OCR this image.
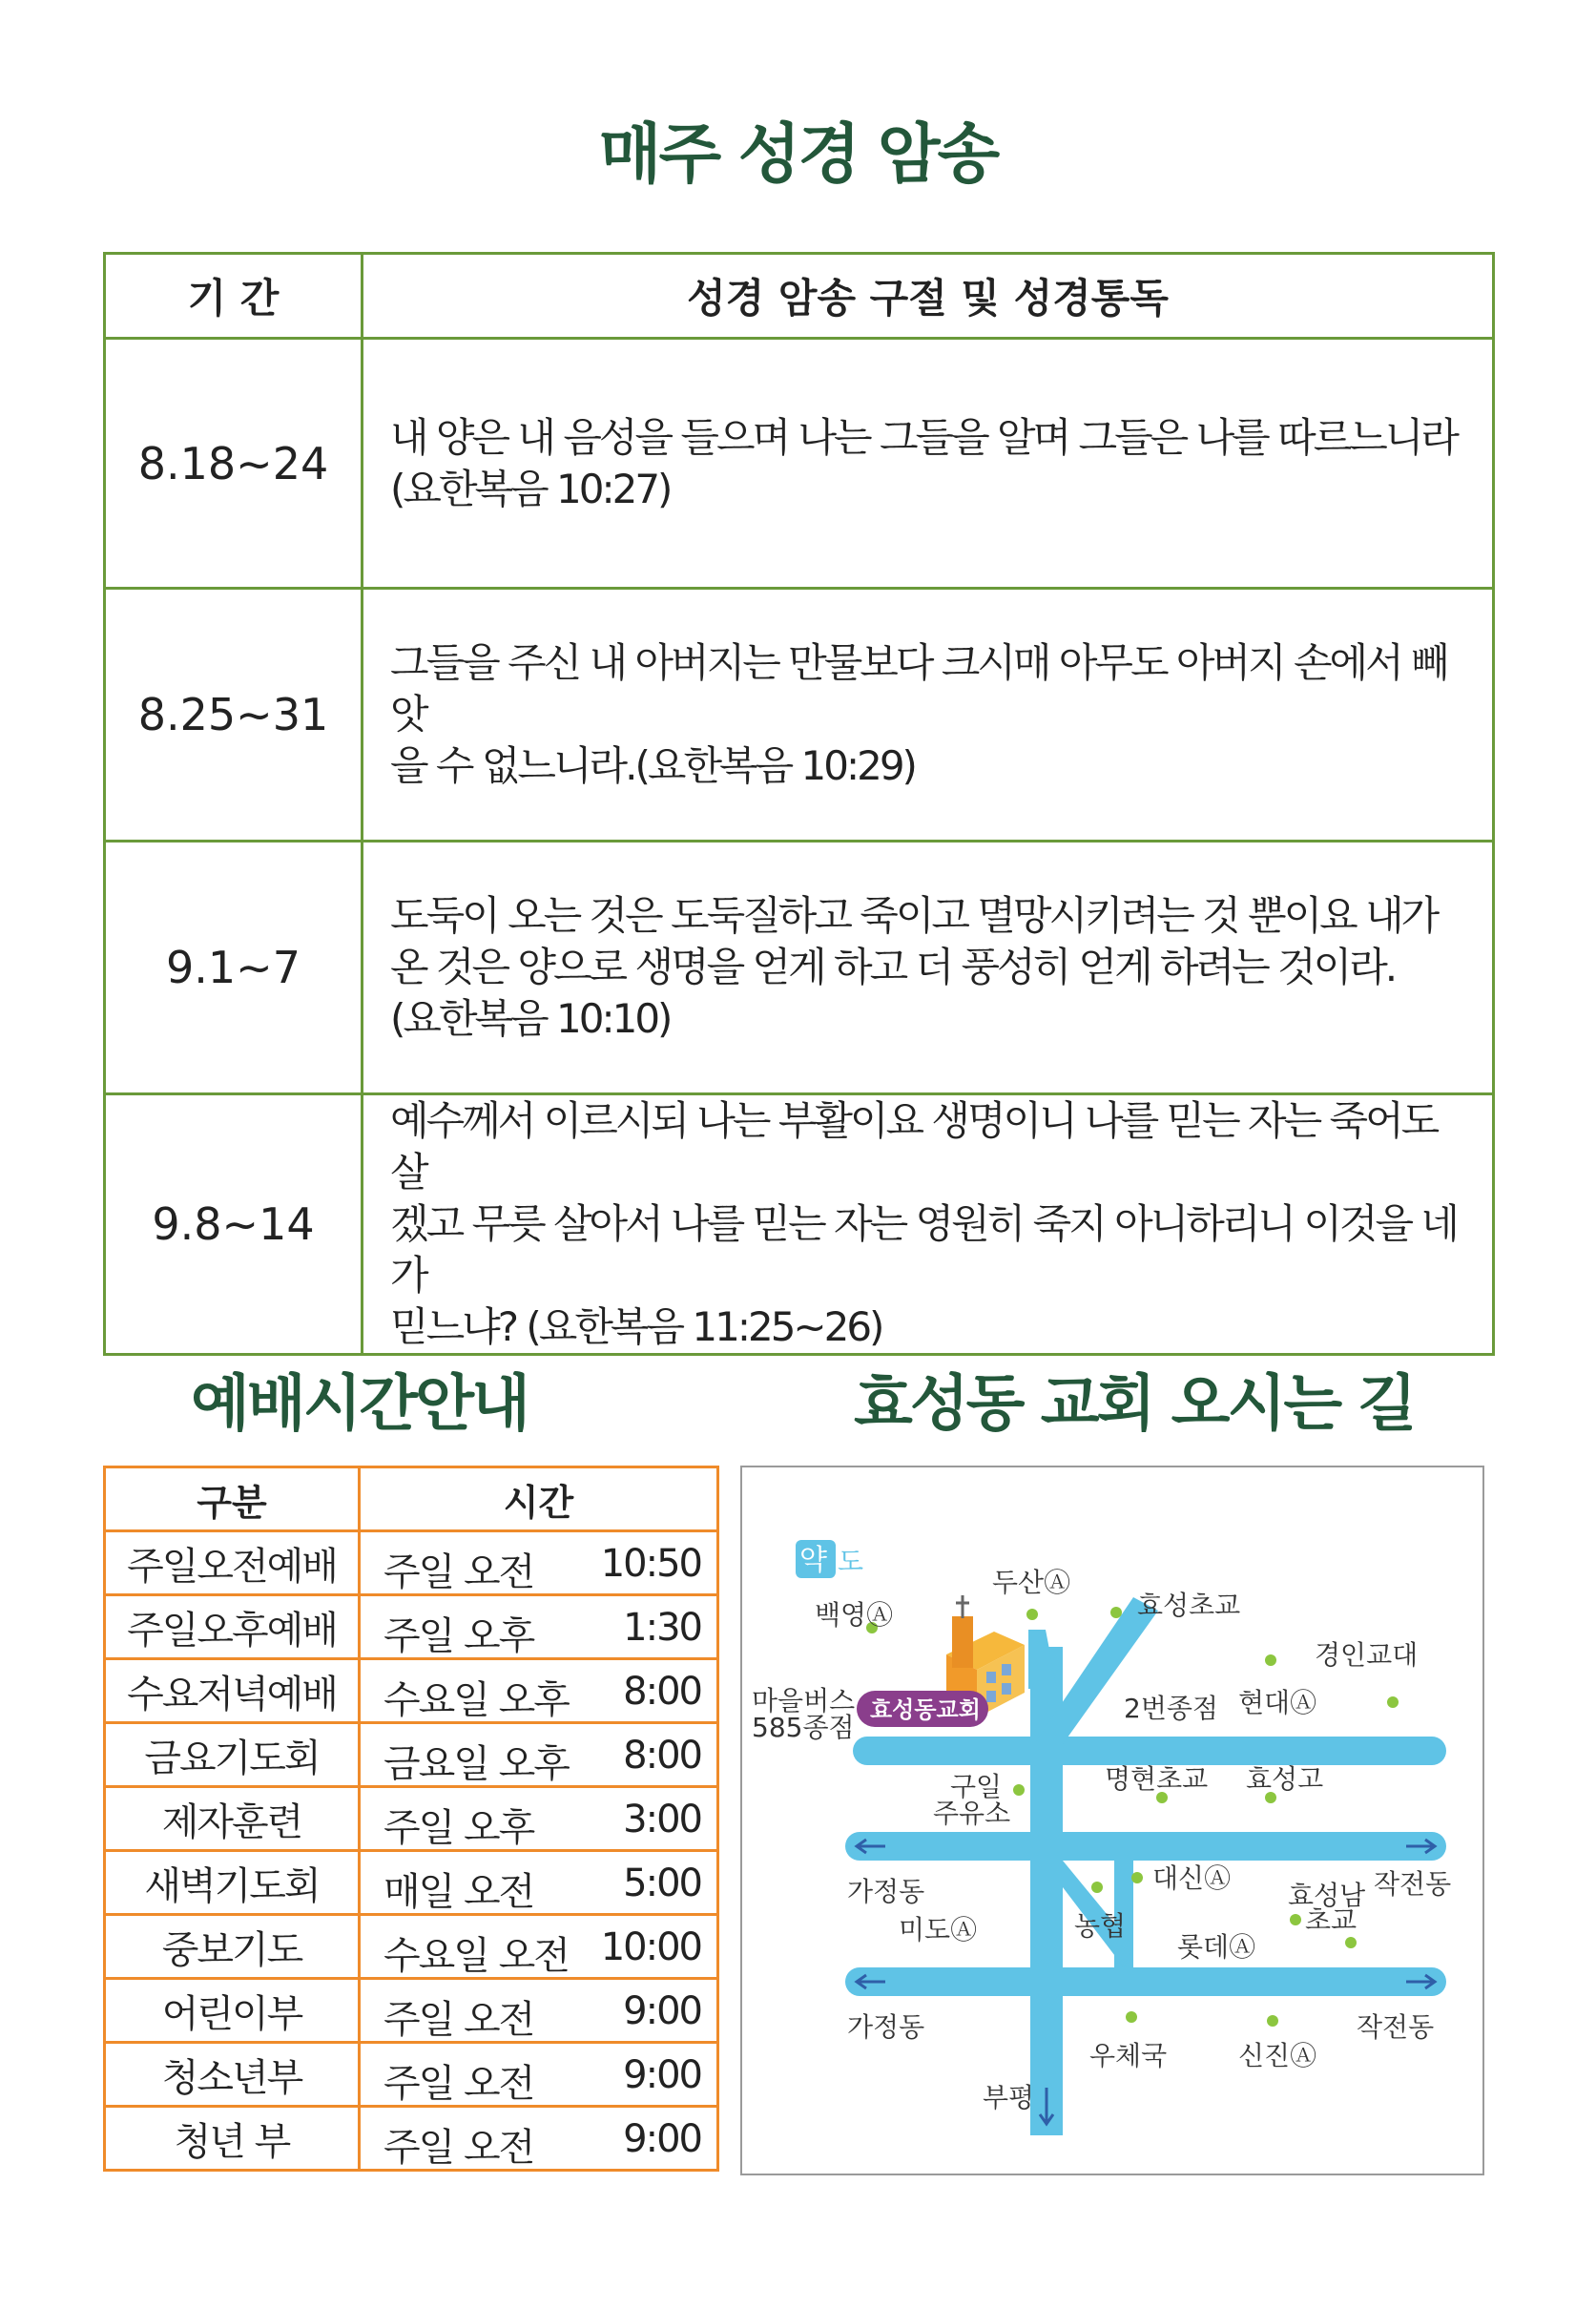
매주 성경 암송
기 간	성경 암송 구절 및 성경통독
8.18~24	내 양은 내 음성을 들으며 나는 그들을 알며 그들은 나를 따르느니라
(요한복음 10:27)

8.25~31	그들을 주신 내 아버지는 만물보다 크시매 아무도 아버지 손에서 빼앗
을 수 없느니라.(요한복음 10:29)

9.1~7	도둑이 오는 것은 도둑질하고 죽이고 멸망시키려는 것 뿐이요 내가
온 것은 양으로 생명을 얻게 하고 더 풍성히 얻게 하려는 것이라.
(요한복음 10:10)

9.8~14	예수께서 이르시되 나는 부활이요 생명이니 나를 믿는 자는 죽어도 살
겠고 무릇 살아서 나를 믿는 자는 영원히 죽지 아니하리니 이것을 네가
믿느냐? (요한복음 11:25~26)
예배시간안내	효성동 교회 오시는 길
구분	시간
주일오전예배	주일 오전 10:50

주일오후예배	주일 오후 1:30

수요저녁예배	수요일 오후 8:00

금요기도회	금요일 오후 8:00

제자훈련	주일 오후 3:00

새벽기도회	매일 오전 5:00

중보기도	수요일 오전 10:00

어린이부	주일 오전 9:00

청소년부	주일 오전 9:00

청년 부	주일 오전 9:00
약 도
효성동교회
백영Ⓐ
두산Ⓐ
효성초교
경인교대
현대Ⓐ
마을버스
585종점
2번종점
구일
주유소
명현초교 효성고
가정동	대신Ⓐ
효성남
초교
작전동
미도Ⓐ	농협
롯데Ⓐ
가정동	작전동
부평
우체국	신진Ⓐ
